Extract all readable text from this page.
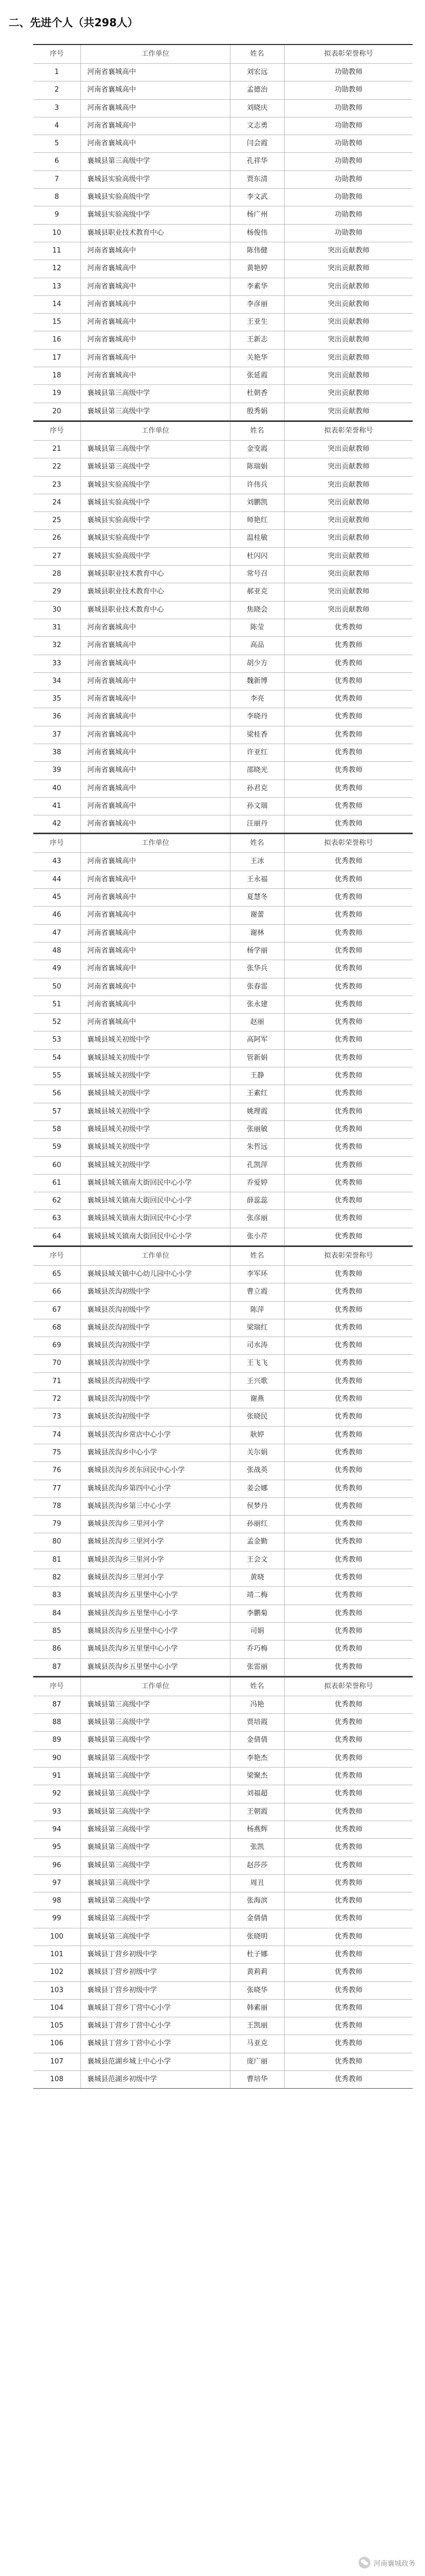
二、先进个人（共298人）
序号	工作单位	姓名	拟表彰荣誉称号
1	河南省襄城高中	刘宏远	功勋教师
2	河南省襄城高中	孟德治	功勋教师
3	河南省襄城高中	刘晓庆	功勋教师
4	河南省襄城高中	文志勇	功勋教师
5	河南省襄城高中	闫会霞	功勋教师
6	襄城县第三高级中学	孔祥华	功勋教师
7	襄城县实验高级中学	贾东清	功勋教师
8	襄城县实验高级中学	李文武	功勋教师
9	襄城县实验高级中学	杨广州	功勋教师
10	襄城县职业技术教育中心	杨俊伟	功勋教师
11	河南省襄城高中	陈伟健	突出贡献教师
12	河南省襄城高中	黄艳婷	突出贡献教师
13	河南省襄城高中	李素华	突出贡献教师
14	河南省襄城高中	李彦丽	突出贡献教师
15	河南省襄城高中	王亚生	突出贡献教师
16	河南省襄城高中	王新志	突出贡献教师
17	河南省襄城高中	关艳华	突出贡献教师
18	河南省襄城高中	张延霞	突出贡献教师
19	襄城县第三高级中学	杜朝香	突出贡献教师
20	襄城县第三高级中学	殷秀娟	突出贡献教师
序号	工作单位	姓名	拟表彰荣誉称号
21	襄城县第三高级中学	金变霞	突出贡献教师
22	襄城县第三高级中学	陈瑞娟	突出贡献教师
23	襄城县实验高级中学	许伟兵	突出贡献教师
24	襄城县实验高级中学	刘鹏凯	突出贡献教师
25	襄城县实验高级中学	师艳红	突出贡献教师
26	襄城县实验高级中学	温桂敏	突出贡献教师
27	襄城县实验高级中学	杜闪闪	突出贡献教师
28	襄城县职业技术教育中心	常号召	突出贡献教师
29	襄城县职业技术教育中心	郝亚克	突出贡献教师
30	襄城县职业技术教育中心	焦晓会	突出贡献教师
31	河南省襄城高中	陈莹	优秀教师
32	河南省襄城高中	高品	优秀教师
33	河南省襄城高中	胡少方	优秀教师
34	河南省襄城高中	魏新博	优秀教师
35	河南省襄城高中	李亮	优秀教师
36	河南省襄城高中	李晓丹	优秀教师
37	河南省襄城高中	梁桂香	优秀教师
38	河南省襄城高中	许亚红	优秀教师
39	河南省襄城高中	邵晓光	优秀教师
40	河南省襄城高中	孙君克	优秀教师
41	河南省襄城高中	孙文瑞	优秀教师
42	河南省襄城高中	汪丽丹	优秀教师
序号	工作单位	姓名	拟表彰荣誉称号
43	河南省襄城高中	王冰	优秀教师
44	河南省襄城高中	王永福	优秀教师
45	河南省襄城高中	夏慧冬	优秀教师
46	河南省襄城高中	谢蕾	优秀教师
47	河南省襄城高中	谢林	优秀教师
48	河南省襄城高中	杨学丽	优秀教师
49	河南省襄城高中	张华兵	优秀教师
50	河南省襄城高中	张春雷	优秀教师
51	河南省襄城高中	张永建	优秀教师
52	河南省襄城高中	赵丽	优秀教师
53	襄城县城关初级中学	高阿军	优秀教师
54	襄城县城关初级中学	管新娟	优秀教师
55	襄城县城关初级中学	王静	优秀教师
56	襄城县城关初级中学	王素红	优秀教师
57	襄城县城关初级中学	姚理霞	优秀教师
58	襄城县城关初级中学	张丽敏	优秀教师
59	襄城县城关初级中学	朱哲远	优秀教师
60	襄城县城关初级中学	孔凯萍	优秀教师
61	襄城县城关镇南大街回民中心小学	乔爱婷	优秀教师
62	襄城县城关镇南大街回民中心小学	薛蕊蕊	优秀教师
63	襄城县城关镇南大街回民中心小学	张彦丽	优秀教师
64	襄城县城关镇南大街回民中心小学	张小芹	优秀教师
序号	工作单位	姓名	拟表彰荣誉称号
65	襄城县城关镇中心幼儿园中心小学	李军环	优秀教师
66	襄城县茨沟初级中学	曹立霞	优秀教师
67	襄城县茨沟初级中学	陈萍	优秀教师
68	襄城县茨沟初级中学	梁瑞红	优秀教师
69	襄城县茨沟初级中学	司水涛	优秀教师
70	襄城县茨沟初级中学	王飞飞	优秀教师
71	襄城县茨沟初级中学	王兴歌	优秀教师
72	襄城县茨沟初级中学	谢燕	优秀教师
73	襄城县茨沟初级中学	张晓民	优秀教师
74	襄城县茨沟乡常店中心小学	耿婷	优秀教师
75	襄城县茨沟乡中心小学	关尔娟	优秀教师
76	襄城县茨沟乡茨东回民中心小学	张战英	优秀教师
77	襄城县茨沟乡第四中心小学	姜会娜	优秀教师
78	襄城县茨沟乡第三中心小学	侯梦丹	优秀教师
79	襄城县茨沟乡三里河小学	孙丽红	优秀教师
80	襄城县茨沟乡三里河小学	孟金勤	优秀教师
81	襄城县茨沟乡三里河小学	王会文	优秀教师
82	襄城县茨沟乡三里河小学	黄晓	优秀教师
83	襄城县茨沟乡五里堡中心小学	靖二梅	优秀教师
84	襄城县茨沟乡五里堡中心小学	李鹏菊	优秀教师
85	襄城县茨沟乡五里堡中心小学	司娟	优秀教师
86	襄城县茨沟乡五里堡中心小学	乔巧梅	优秀教师
87	襄城县茨沟乡五里堡中心小学	张雷丽	优秀教师
序号	工作单位	姓名	拟表彰荣誉称号
87	襄城县第三高级中学	冯艳	优秀教师
88	襄城县第三高级中学	贾培霞	优秀教师
89	襄城县第三高级中学	金倩倩	优秀教师
90	襄城县第三高级中学	李艳杰	优秀教师
91	襄城县第三高级中学	梁聚杰	优秀教师
92	襄城县第三高级中学	刘福超	优秀教师
93	襄城县第三高级中学	王朝霞	优秀教师
94	襄城县第三高级中学	杨燕辉	优秀教师
95	襄城县第三高级中学	张凯	优秀教师
96	襄城县第三高级中学	赵莎莎	优秀教师
97	襄城县第三高级中学	周丑	优秀教师
98	襄城县第三高级中学	张海滨	优秀教师
99	襄城县第三高级中学	金倩倩	优秀教师
100	襄城县第三高级中学	张晓明	优秀教师
101	襄城县丁营乡初级中学	杜子娜	优秀教师
102	襄城县丁营乡初级中学	黄莉莉	优秀教师
103	襄城县丁营乡初级中学	张晓华	优秀教师
104	襄城县丁营乡丁营中心小学	韩素丽	优秀教师
105	襄城县丁营乡丁营中心小学	王凯丽	优秀教师
106	襄城县丁营乡丁营中心小学	马亚克	优秀教师
107	襄城县范湖乡城上中心小学	庞广丽	优秀教师
108	襄城县范湖乡初级中学	曹培华	优秀教师
河南襄城政务
